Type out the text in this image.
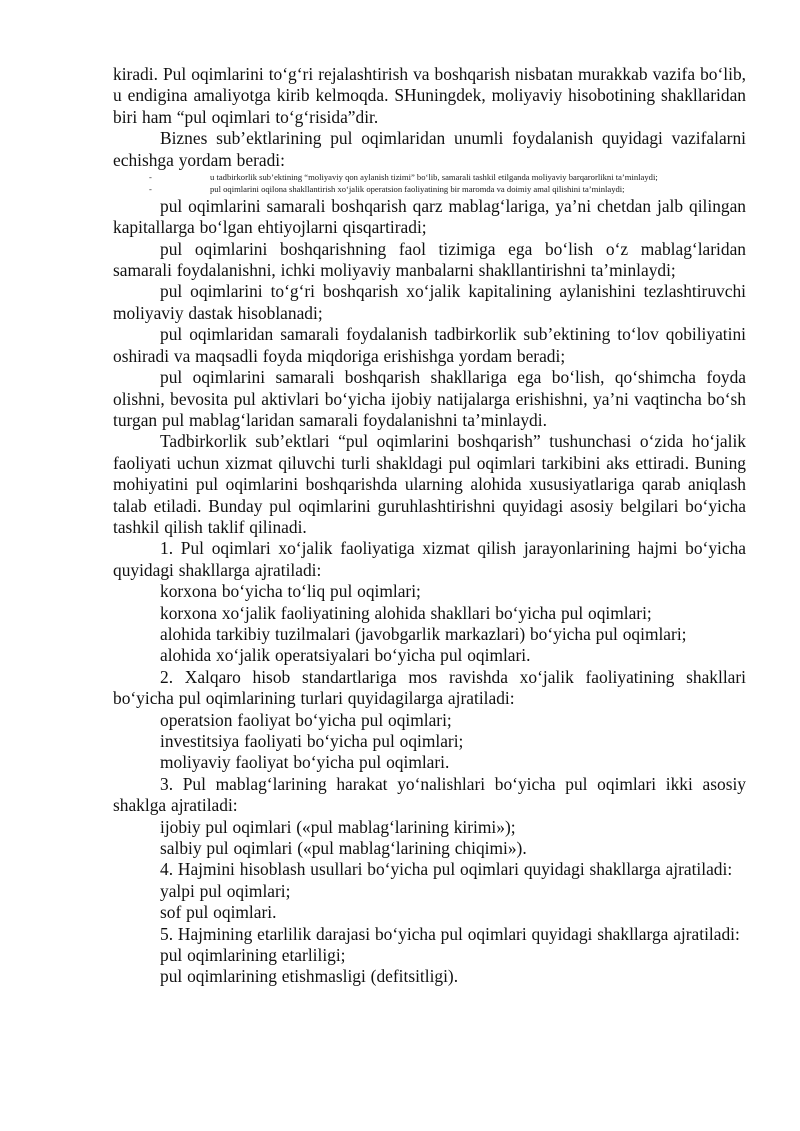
kiradi. Pul oqimlarini to‘g‘ri rejalashtirish va boshqarish nisbatan murakkab vazifa bo‘lib, u endigina amaliyotga kirib kelmoqda. SHuningdek, moliyaviy hisobotining shakllaridan biri ham “pul oqimlari to‘g‘risida”dir.

Biznes sub’ektlarining pul oqimlaridan unumli foydalanish quyidagi vazifalarni echishga yordam beradi:

-	u tadbirkorlik sub’ektining “moliyaviy qon aylanish tizimi” bo‘lib, samarali tashkil etilganda moliyaviy barqarorlikni ta’minlaydi;
-	pul oqimlarini oqilona shakllantirish xo‘jalik operatsion faoliyatining bir maromda va doimiy amal qilishini ta’minlaydi;

pul oqimlarini samarali boshqarish qarz mablag‘lariga, ya’ni chetdan jalb qilingan kapitallarga bo‘lgan ehtiyojlarni qisqartiradi;

pul oqimlarini boshqarishning faol tizimiga ega bo‘lish o‘z mablag‘laridan samarali foydalanishni, ichki moliyaviy manbalarni shakllantirishni ta’minlaydi;

pul oqimlarini to‘g‘ri boshqarish xo‘jalik kapitalining aylanishini tezlashtiruvchi moliyaviy dastak hisoblanadi;

pul oqimlaridan samarali foydalanish tadbirkorlik sub’ektining to‘lov qobiliyatini oshiradi va maqsadli foyda miqdoriga erishishga yordam beradi;

pul oqimlarini samarali boshqarish shakllariga ega bo‘lish, qo‘shimcha foyda olishni, bevosita pul aktivlari bo‘yicha ijobiy natijalarga erishishni, ya’ni vaqtincha bo‘sh turgan pul mablag‘laridan samarali foydalanishni ta’minlaydi.

Tadbirkorlik sub’ektlari “pul oqimlarini boshqarish” tushunchasi o‘zida ho‘jalik faoliyati uchun xizmat qiluvchi turli shakldagi pul oqimlari tarkibini aks ettiradi. Buning mohiyatini pul oqimlarini boshqarishda ularning alohida xususiyatlariga qarab aniqlash talab etiladi. Bunday pul oqimlarini guruhlashtirishni quyidagi asosiy belgilari bo‘yicha tashkil qilish taklif qilinadi.

1. Pul oqimlari xo‘jalik faoliyatiga xizmat qilish jarayonlarining hajmi bo‘yicha quyidagi shakllarga ajratiladi:

korxona bo‘yicha to‘liq pul oqimlari;

korxona xo‘jalik faoliyatining alohida shakllari bo‘yicha pul oqimlari;

alohida tarkibiy tuzilmalari (javobgarlik markazlari) bo‘yicha pul oqimlari;

alohida xo‘jalik operatsiyalari bo‘yicha pul oqimlari.

2. Xalqaro hisob standartlariga mos ravishda xo‘jalik faoliyatining shakllari bo‘yicha pul oqimlarining turlari quyidagilarga ajratiladi:

operatsion faoliyat bo‘yicha pul oqimlari;

investitsiya faoliyati bo‘yicha pul oqimlari;

moliyaviy faoliyat bo‘yicha pul oqimlari.

3. Pul mablag‘larining harakat yo‘nalishlari bo‘yicha pul oqimlari ikki asosiy shaklga ajratiladi:

ijobiy pul oqimlari («pul mablag‘larining kirimi»);

salbiy pul oqimlari («pul mablag‘larining chiqimi»).

4. Hajmini hisoblash usullari bo‘yicha pul oqimlari quyidagi shakllarga ajratiladi:

yalpi pul oqimlari;

sof pul oqimlari.

5. Hajmining etarlilik darajasi bo‘yicha pul oqimlari quyidagi shakllarga ajratiladi:

pul oqimlarining etarliligi;

pul oqimlarining etishmasligi (defitsitligi).
